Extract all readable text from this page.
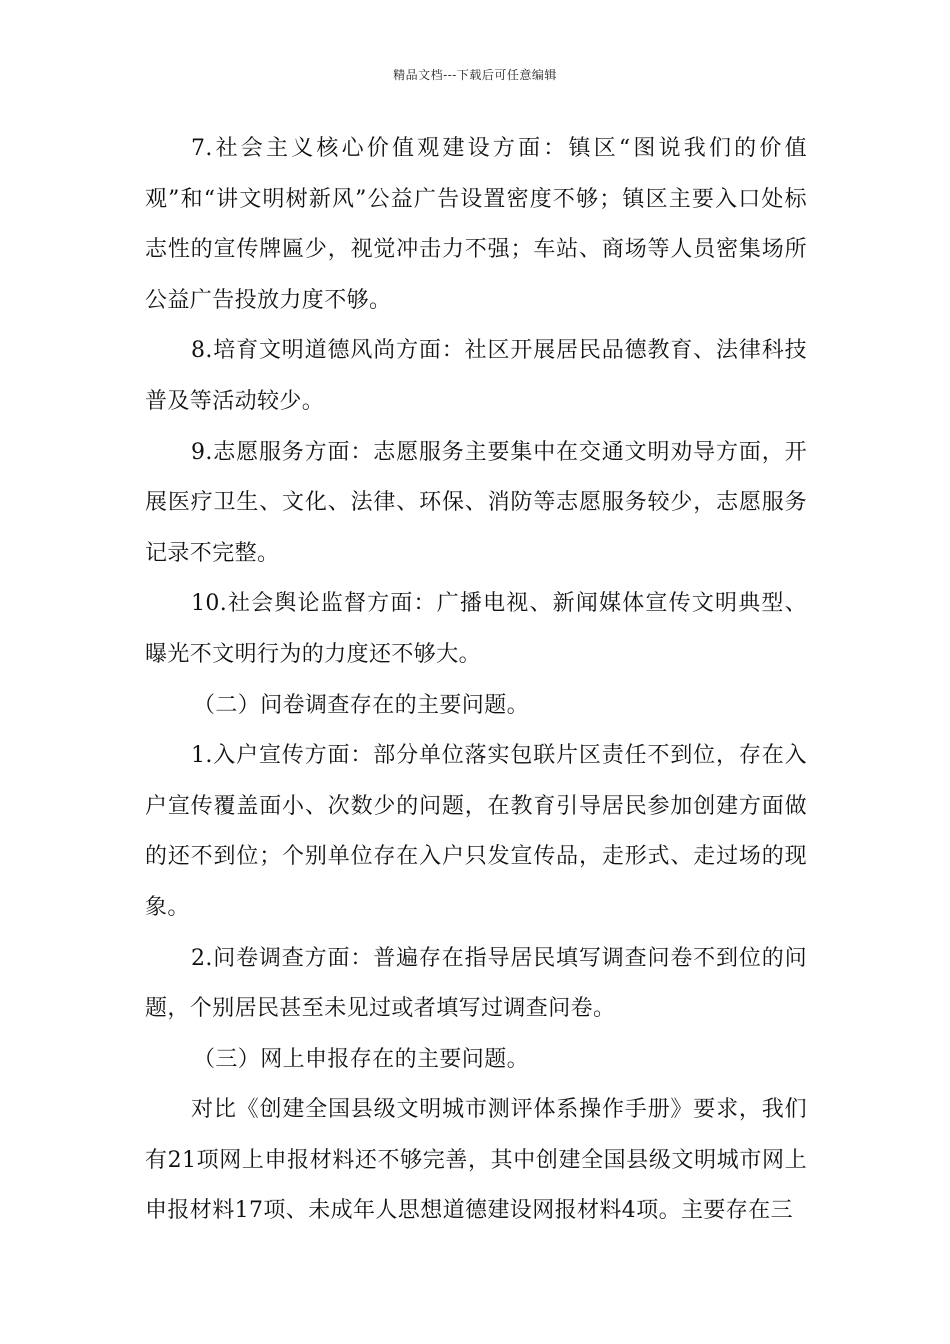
精品文档---下载后可任意编辑

7.社会主义核心价值观建设方面：镇区“图说我们的价值观”和“讲文明树新风”公益广告设置密度不够；镇区主要入口处标志性的宣传牌匾少，视觉冲击力不强；车站、商场等人员密集场所公益广告投放力度不够。

8.培育文明道德风尚方面：社区开展居民品德教育、法律科技普及等活动较少。

9.志愿服务方面：志愿服务主要集中在交通文明劝导方面，开展医疗卫生、文化、法律、环保、消防等志愿服务较少，志愿服务记录不完整。

10.社会舆论监督方面：广播电视、新闻媒体宣传文明典型、曝光不文明行为的力度还不够大。

（二）问卷调查存在的主要问题。

1.入户宣传方面：部分单位落实包联片区责任不到位，存在入户宣传覆盖面小、次数少的问题，在教育引导居民参加创建方面做的还不到位；个别单位存在入户只发宣传品，走形式、走过场的现象。

2.问卷调查方面：普遍存在指导居民填写调查问卷不到位的问题，个别居民甚至未见过或者填写过调查问卷。

（三）网上申报存在的主要问题。

对比《创建全国县级文明城市测评体系操作手册》要求，我们有21项网上申报材料还不够完善，其中创建全国县级文明城市网上申报材料17项、未成年人思想道德建设网报材料4项。主要存在三
